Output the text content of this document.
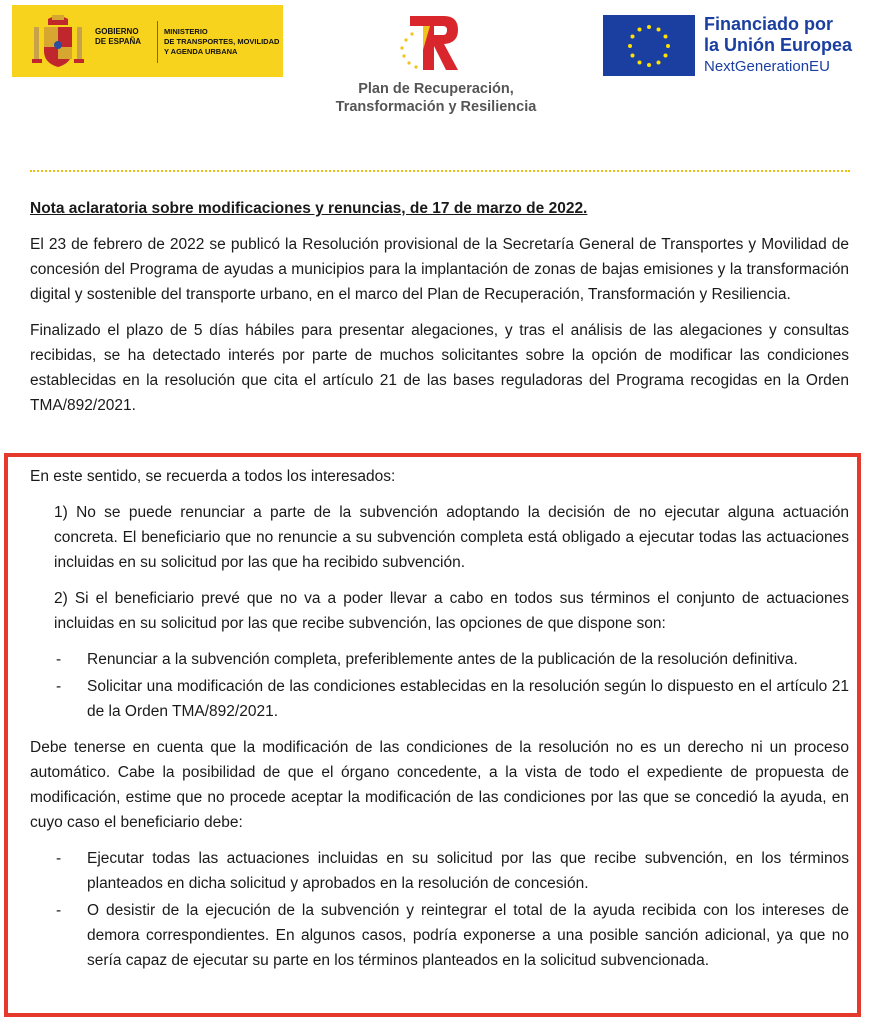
GOBIERNO
DE ESPAÑA
MINISTERIO
DE TRANSPORTES, MOVILIDAD
Y AGENDA URBANA
Plan de Recuperación,
Transformación y Resiliencia
Financiado por
la Unión Europea
NextGenerationEU

Nota aclaratoria sobre modificaciones y renuncias, de 17 de marzo de 2022.

El 23 de febrero de 2022 se publicó la Resolución provisional de la Secretaría General de Transportes y Movilidad de concesión del Programa de ayudas a municipios para la implantación de zonas de bajas emisiones y la transformación digital y sostenible del transporte urbano, en el marco del Plan de Recuperación, Transformación y Resiliencia.

Finalizado el plazo de 5 días hábiles para presentar alegaciones, y tras el análisis de las alegaciones y consultas recibidas, se ha detectado interés por parte de muchos solicitantes sobre la opción de modificar las condiciones establecidas en la resolución que cita el artículo 21 de las bases reguladoras del Programa recogidas en la Orden TMA/892/2021.

En este sentido, se recuerda a todos los interesados:

1) No se puede renunciar a parte de la subvención adoptando la decisión de no ejecutar alguna actuación concreta. El beneficiario que no renuncie a su subvención completa está obligado a ejecutar todas las actuaciones incluidas en su solicitud por las que ha recibido subvención.

2) Si el beneficiario prevé que no va a poder llevar a cabo en todos sus términos el conjunto de actuaciones incluidas en su solicitud por las que recibe subvención, las opciones de que dispone son:

- Renunciar a la subvención completa, preferiblemente antes de la publicación de la resolución definitiva.

- Solicitar una modificación de las condiciones establecidas en la resolución según lo dispuesto en el artículo 21 de la Orden TMA/892/2021.

Debe tenerse en cuenta que la modificación de las condiciones de la resolución no es un derecho ni un proceso automático. Cabe la posibilidad de que el órgano concedente, a la vista de todo el expediente de propuesta de modificación, estime que no procede aceptar la modificación de las condiciones por las que se concedió la ayuda, en cuyo caso el beneficiario debe:

- Ejecutar todas las actuaciones incluidas en su solicitud por las que recibe subvención, en los términos planteados en dicha solicitud y aprobados en la resolución de concesión.

- O desistir de la ejecución de la subvención y reintegrar el total de la ayuda recibida con los intereses de demora correspondientes. En algunos casos, podría exponerse a una posible sanción adicional, ya que no sería capaz de ejecutar su parte en los términos planteados en la solicitud subvencionada.
